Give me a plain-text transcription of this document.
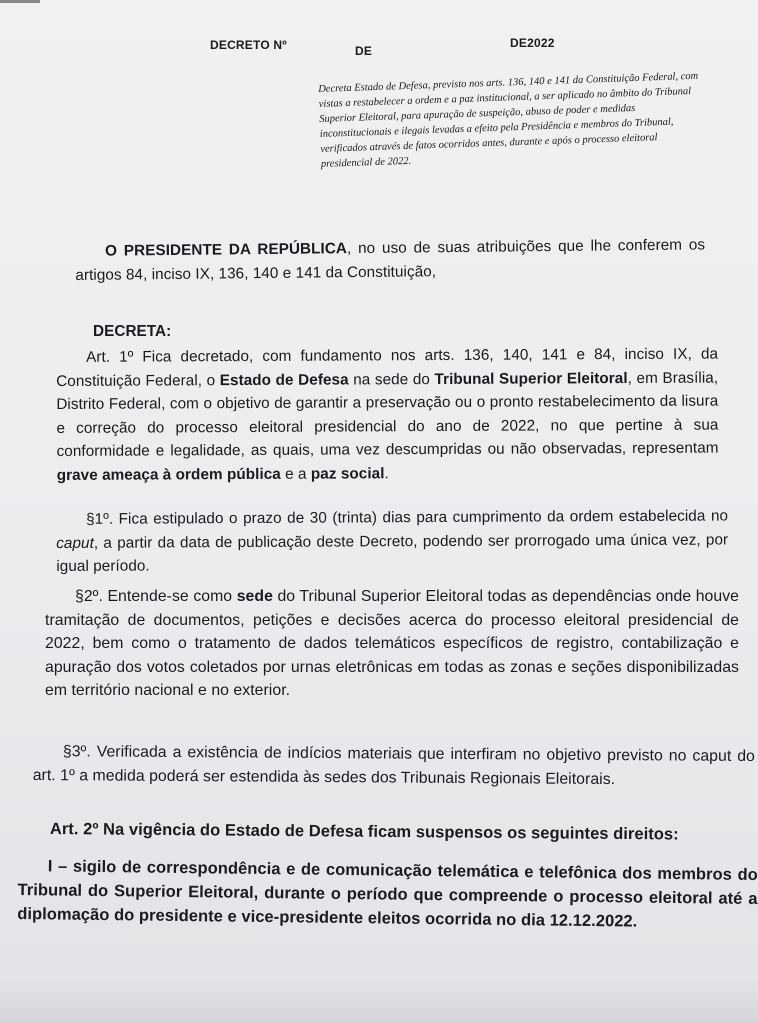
DECRETO Nº	DE
DE2022
Decreta Estado de Defesa, previsto nos arts. 136, 140 e 141 da Constituição Federal, com vistas a restabelecer a ordem e a paz institucional, a ser aplicado no âmbito do Tribunal Superior Eleitoral, para apuração de suspeição, abuso de poder e medidas inconstitucionais e ilegais levadas a efeito pela Presidência e membros do Tribunal, verificados através de fatos ocorridos antes, durante e após o processo eleitoral presidencial de 2022.
O PRESIDENTE DA REPÚBLICA, no uso de suas atribuições que lhe conferem os artigos 84, inciso IX, 136, 140 e 141 da Constituição,
DECRETA:
Art. 1º Fica decretado, com fundamento nos arts. 136, 140, 141 e 84, inciso IX, da Constituição Federal, o Estado de Defesa na sede do Tribunal Superior Eleitoral, em Brasília, Distrito Federal, com o objetivo de garantir a preservação ou o pronto restabelecimento da lisura e correção do processo eleitoral presidencial do ano de 2022, no que pertine à sua conformidade e legalidade, as quais, uma vez descumpridas ou não observadas, representam grave ameaça à ordem pública e a paz social.
§1º. Fica estipulado o prazo de 30 (trinta) dias para cumprimento da ordem estabelecida no caput, a partir da data de publicação deste Decreto, podendo ser prorrogado uma única vez, por igual período.
§2º. Entende-se como sede do Tribunal Superior Eleitoral todas as dependências onde houve tramitação de documentos, petições e decisões acerca do processo eleitoral presidencial de 2022, bem como o tratamento de dados telemáticos específicos de registro, contabilização e apuração dos votos coletados por urnas eletrônicas em todas as zonas e seções disponibilizadas em território nacional e no exterior.
§3º. Verificada a existência de indícios materiais que interfiram no objetivo previsto no caput do art. 1º a medida poderá ser estendida às sedes dos Tribunais Regionais Eleitorais.
Art. 2º Na vigência do Estado de Defesa ficam suspensos os seguintes direitos:
I – sigilo de correspondência e de comunicação telemática e telefônica dos membros do Tribunal do Superior Eleitoral, durante o período que compreende o processo eleitoral até a diplomação do presidente e vice-presidente eleitos ocorrida no dia 12.12.2022.
